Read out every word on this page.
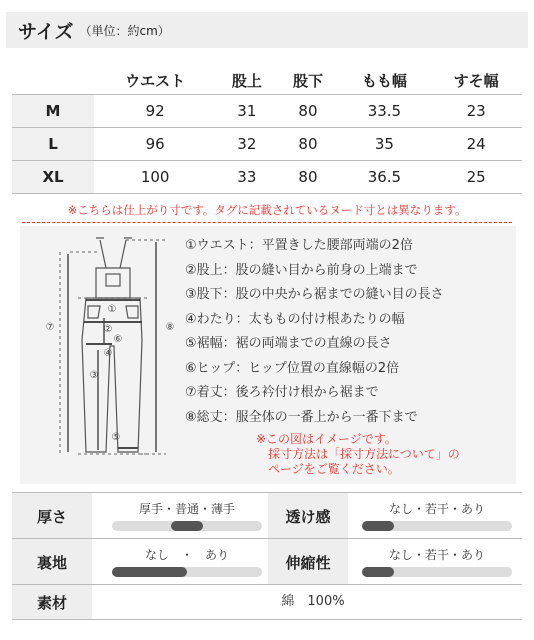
サイズ （単位：約cm）
	ウエスト	股上	股下	もも幅	すそ幅
M	92	31	80	33.5	23
L	96	32	80	35	24
XL	100	33	80	36.5	25
※こちらは仕上がり寸です。タグに記載されているヌード寸とは異なります。
⑦	⑧
①
②
⑥
③
④
⑤
①ウエスト：平置きした腰部両端の2倍
②股上：股の縫い目から前身の上端まで
③股下：股の中央から裾までの縫い目の長さ
④わたり：太ももの付け根あたりの幅
⑤裾幅：裾の両端までの直線の長さ
⑥ヒップ：ヒップ位置の直線幅の2倍
⑦着丈：後ろ衿付け根から裾まで
⑧総丈：服全体の一番上から一番下まで
※この図はイメージです。
採寸方法は「採寸方法について」の
ページをご覧ください。
厚さ	厚手・普通・薄手	透け感	なし・若干・あり
裏地	なし　・　あり	伸縮性	なし・若干・あり
素材	綿　100%
